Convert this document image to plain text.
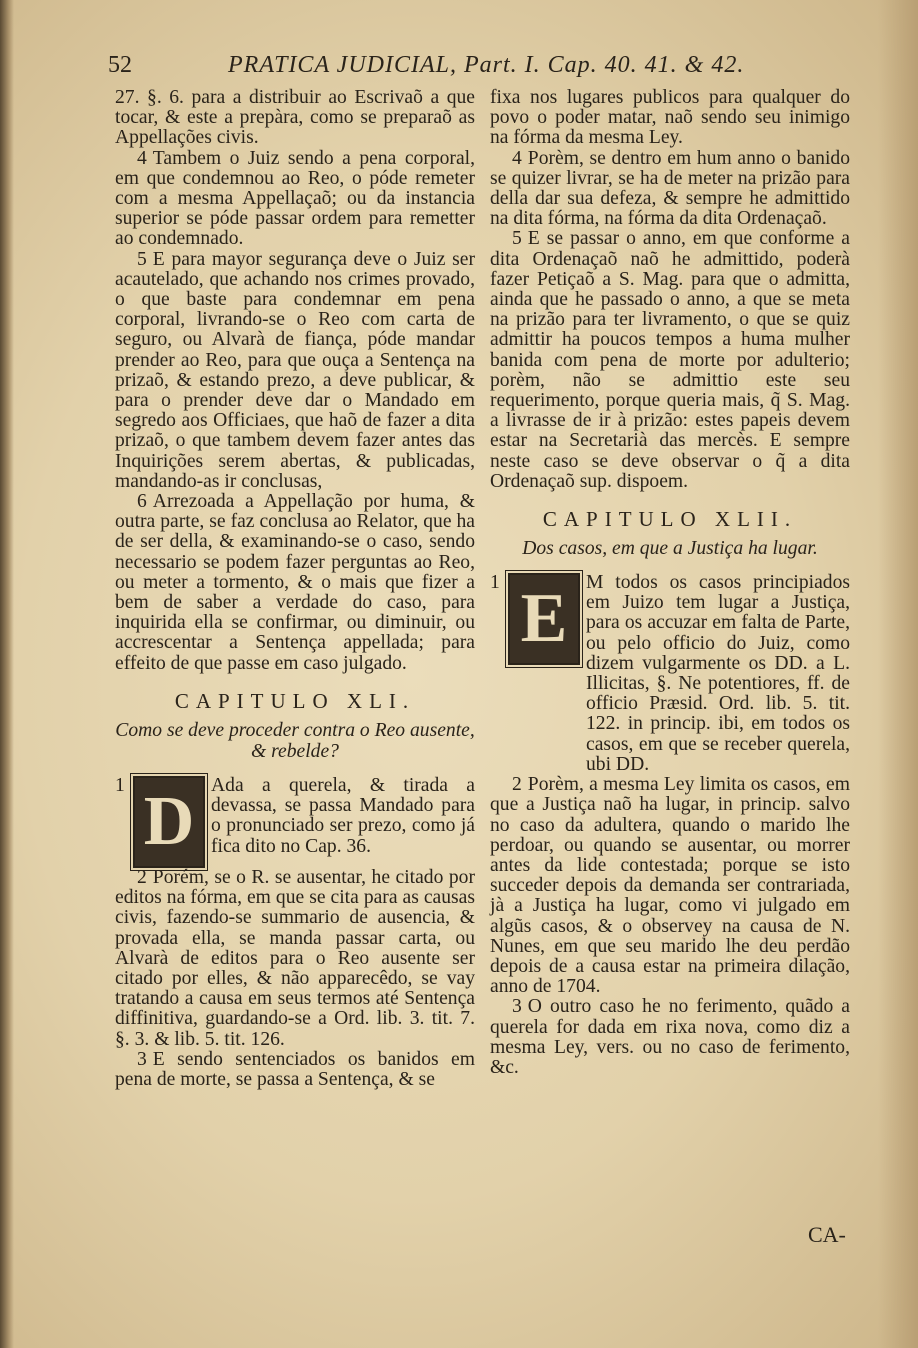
52	PRATICA JUDICIAL, Part. I. Cap. 40. 41. & 42.

27. §. 6. para a distribuir ao Escrivaõ a que tocar, & este a prepàra, como se preparaõ as Appellações civis.

4 Tambem o Juiz sendo a pena corporal, em que condemnou ao Reo, o póde remeter com a mesma Appellaçaõ; ou da instancia superior se póde passar ordem para remetter ao condemnado.

5 E para mayor segurança deve o Juiz ser acautelado, que achando nos crimes provado, o que baste para condemnar em pena corporal, livrando-se o Reo com carta de seguro, ou Alvarà de fiança, póde mandar prender ao Reo, para que ouça a Sentença na prizaõ, & estando prezo, a deve publicar, & para o prender deve dar o Mandado em segredo aos Officiaes, que haõ de fazer a dita prizaõ, o que tambem devem fazer antes das Inquirições serem abertas, & publicadas, mandando-as ir conclusas,

6 Arrezoada a Appellação por huma, & outra parte, se faz conclusa ao Relator, que ha de ser della, & examinando-se o caso, sendo necessario se podem fazer perguntas ao Reo, ou meter a tormento, & o mais que fizer a bem de saber a verdade do caso, para inquirida ella se confirmar, ou diminuir, ou accrescentar a Sentença appellada; para effeito de que passe em caso julgado.

CAPITULO XLI.
Como se deve proceder contra o Reo ausente, & rebelde?
1 D Ada a querela, & tirada a devassa, se passa Mandado para o pronunciado ser prezo, como já fica dito no Cap. 36.

2 Porém, se o R. se ausentar, he citado por editos na fórma, em que se cita para as causas civis, fazendo-se summario de ausencia, & provada ella, se manda passar carta, ou Alvarà de editos para o Reo ausente ser citado por elles, & não apparecêdo, se vay tratando a causa em seus termos até Sentença diffinitiva, guardando-se a Ord. lib. 3. tit. 7. §. 3. & lib. 5. tit. 126.

3 E sendo sentenciados os banidos em pena de morte, se passa a Sentença, & se

fixa nos lugares publicos para qualquer do povo o poder matar, naõ sendo seu inimigo na fórma da mesma Ley.

4 Porèm, se dentro em hum anno o banido se quizer livrar, se ha de meter na prizão para della dar sua defeza, & sempre he admittido na dita fórma, na fórma da dita Ordenaçaõ.

5 E se passar o anno, em que conforme a dita Ordenaçaõ naõ he admittido, poderà fazer Petiçaõ a S. Mag. para que o admitta, ainda que he passado o anno, a que se meta na prizão para ter livramento, o que se quiz admittir ha poucos tempos a huma mulher banida com pena de morte por adulterio; porèm, não se admittio este seu requerimento, porque queria mais, q̃ S. Mag. a livrasse de ir à prizão: estes papeis devem estar na Secretarià das mercès. E sempre neste caso se deve observar o q̃ a dita Ordenaçaõ sup. dispoem.

CAPITULO XLII.
Dos casos, em que a Justiça ha lugar.
1 E M todos os casos principiados em Juizo tem lugar a Justiça, para os accuzar em falta de Parte, ou pelo officio do Juiz, como dizem vulgarmente os DD. a L. Illicitas, §. Ne potentiores, ff. de officio Præsid. Ord. lib. 5. tit. 122. in princip. ibi, em todos os casos, em que se receber querela, ubi DD.

2 Porèm, a mesma Ley limita os casos, em que a Justiça naõ ha lugar, in princip. salvo no caso da adultera, quando o marido lhe perdoar, ou quando se ausentar, ou morrer antes da lide contestada; porque se isto succeder depois da demanda ser contrariada, jà a Justiça ha lugar, como vi julgado em algũs casos, & o observey na causa de N. Nunes, em que seu marido lhe deu perdão depois de a causa estar na primeira dilação, anno de 1704.

3 O outro caso he no ferimento, quãdo a querela for dada em rixa nova, como diz a mesma Ley, vers. ou no caso de ferimento, &c.

CA-
